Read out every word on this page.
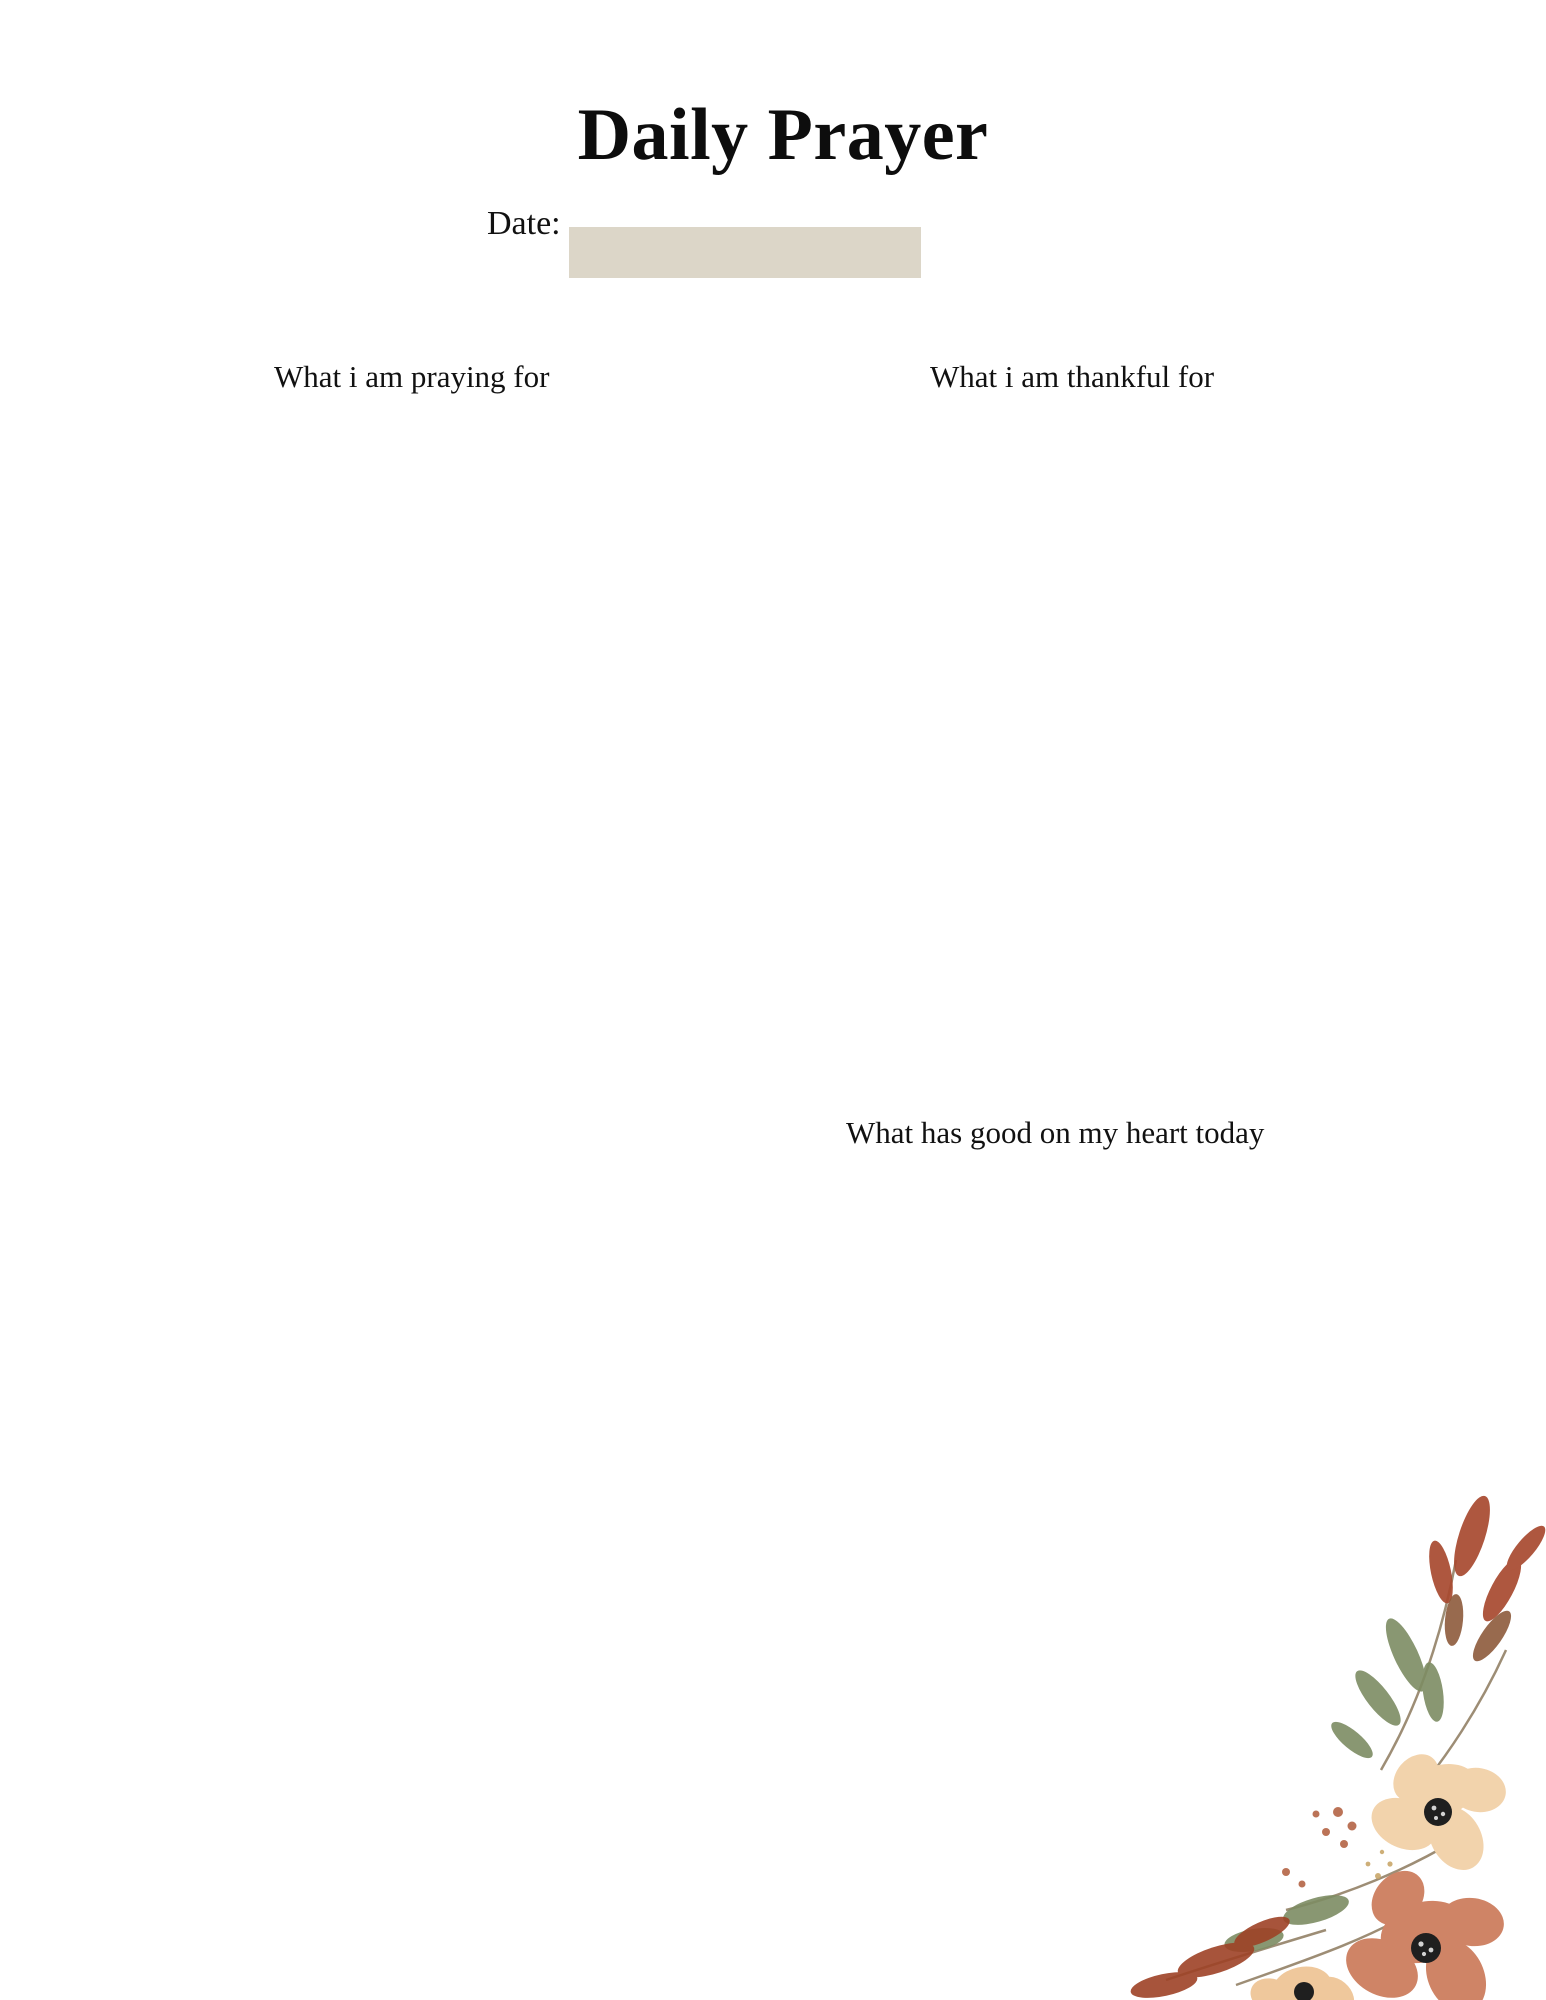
Daily Prayer
Date:
What i am praying for	What i am thankful for
What has good on my heart today
